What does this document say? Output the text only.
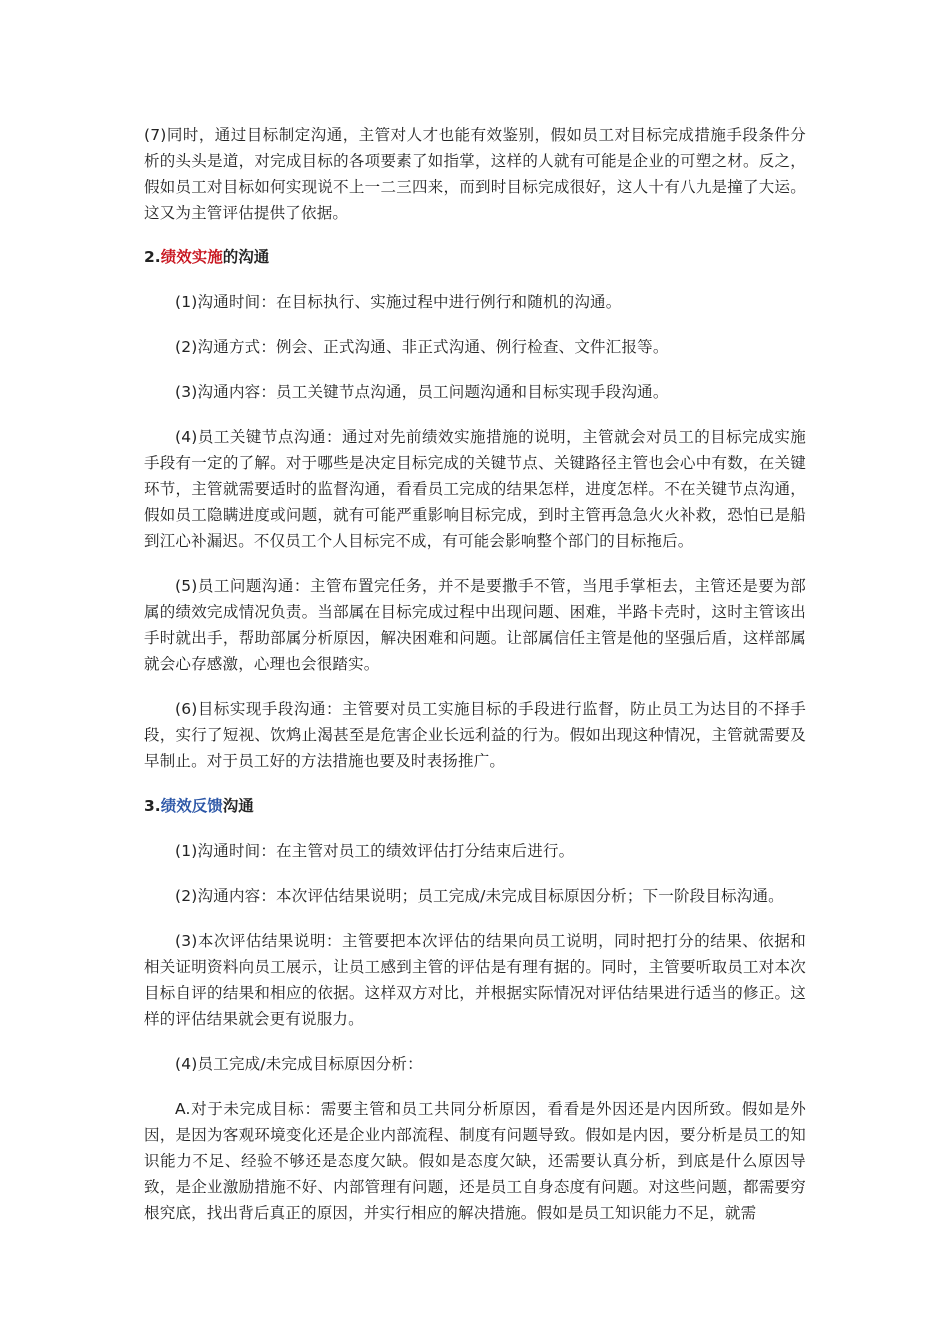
(7)同时，通过目标制定沟通，主管对人才也能有效鉴别，假如员工对目标完成措施手段条件分析的头头是道，对完成目标的各项要素了如指掌，这样的人就有可能是企业的可塑之材。反之，假如员工对目标如何实现说不上一二三四来，而到时目标完成很好，这人十有八九是撞了大运。这又为主管评估提供了依据。

2.绩效实施的沟通

(1)沟通时间：在目标执行、实施过程中进行例行和随机的沟通。

(2)沟通方式：例会、正式沟通、非正式沟通、例行检查、文件汇报等。

(3)沟通内容：员工关键节点沟通，员工问题沟通和目标实现手段沟通。

(4)员工关键节点沟通：通过对先前绩效实施措施的说明，主管就会对员工的目标完成实施手段有一定的了解。对于哪些是决定目标完成的关键节点、关键路径主管也会心中有数，在关键环节，主管就需要适时的监督沟通，看看员工完成的结果怎样，进度怎样。不在关键节点沟通，假如员工隐瞒进度或问题，就有可能严重影响目标完成，到时主管再急急火火补救，恐怕已是船到江心补漏迟。不仅员工个人目标完不成，有可能会影响整个部门的目标拖后。

(5)员工问题沟通：主管布置完任务，并不是要撒手不管，当甩手掌柜去，主管还是要为部属的绩效完成情况负责。当部属在目标完成过程中出现问题、困难，半路卡壳时，这时主管该出手时就出手，帮助部属分析原因，解决困难和问题。让部属信任主管是他的坚强后盾，这样部属就会心存感激，心理也会很踏实。

(6)目标实现手段沟通：主管要对员工实施目标的手段进行监督，防止员工为达目的不择手段，实行了短视、饮鸩止渴甚至是危害企业长远利益的行为。假如出现这种情况，主管就需要及早制止。对于员工好的方法措施也要及时表扬推广。

3.绩效反馈沟通

(1)沟通时间：在主管对员工的绩效评估打分结束后进行。

(2)沟通内容：本次评估结果说明；员工完成/未完成目标原因分析；下一阶段目标沟通。

(3)本次评估结果说明：主管要把本次评估的结果向员工说明，同时把打分的结果、依据和相关证明资料向员工展示，让员工感到主管的评估是有理有据的。同时，主管要听取员工对本次目标自评的结果和相应的依据。这样双方对比，并根据实际情况对评估结果进行适当的修正。这样的评估结果就会更有说服力。

(4)员工完成/未完成目标原因分析：

A.对于未完成目标：需要主管和员工共同分析原因，看看是外因还是内因所致。假如是外因，是因为客观环境变化还是企业内部流程、制度有问题导致。假如是内因，要分析是员工的知识能力不足、经验不够还是态度欠缺。假如是态度欠缺，还需要认真分析，到底是什么原因导致，是企业激励措施不好、内部管理有问题，还是员工自身态度有问题。对这些问题，都需要穷根究底，找出背后真正的原因，并实行相应的解决措施。假如是员工知识能力不足，就需
